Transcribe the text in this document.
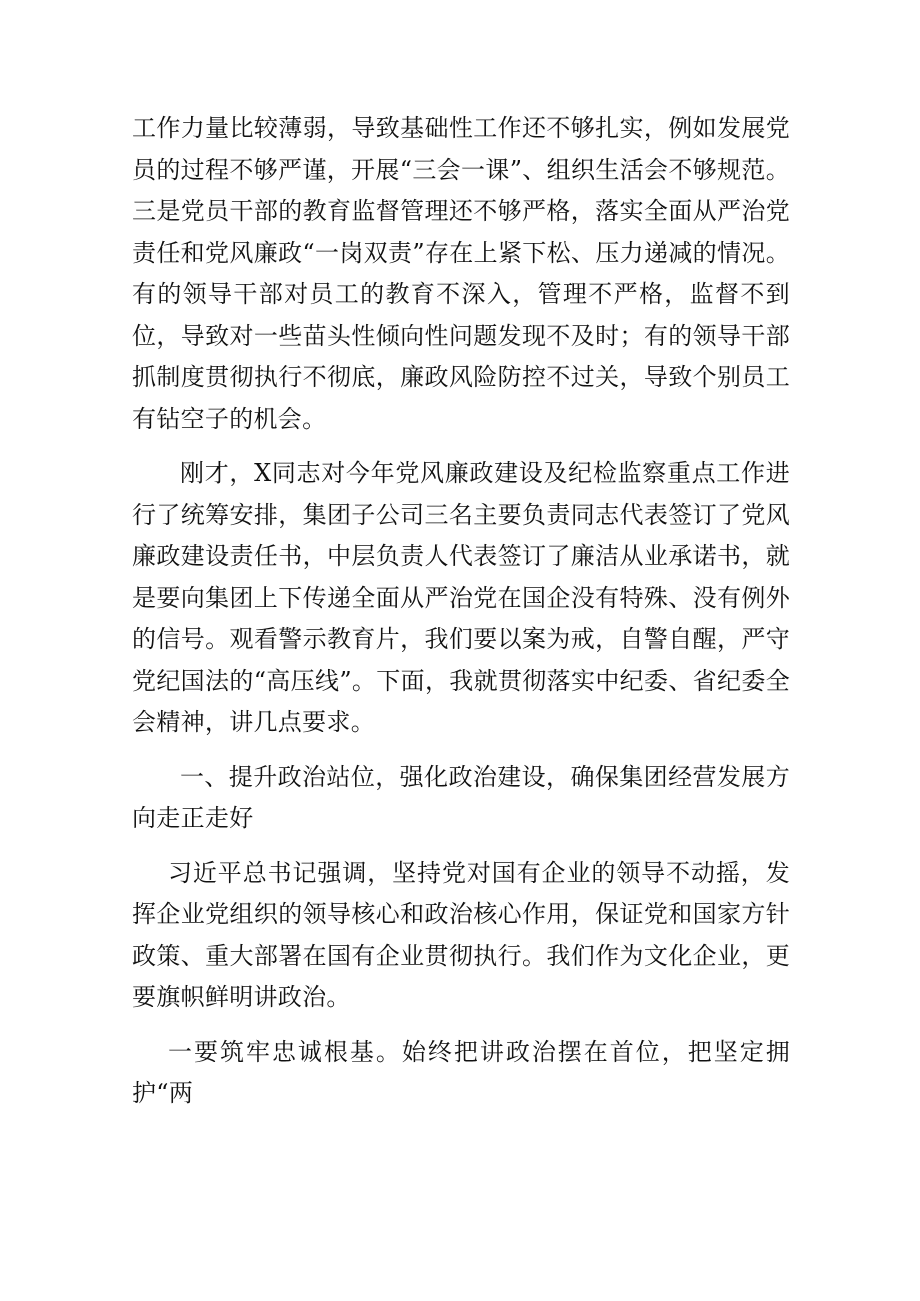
工作力量比较薄弱，导致基础性工作还不够扎实，例如发展党员的过程不够严谨，开展“三会一课”、组织生活会不够规范。三是党员干部的教育监督管理还不够严格，落实全面从严治党责任和党风廉政“一岗双责”存在上紧下松、压力递减的情况。有的领导干部对员工的教育不深入，管理不严格，监督不到位，导致对一些苗头性倾向性问题发现不及时；有的领导干部抓制度贯彻执行不彻底，廉政风险防控不过关，导致个别员工有钻空子的机会。

刚才，X同志对今年党风廉政建设及纪检监察重点工作进行了统筹安排，集团子公司三名主要负责同志代表签订了党风廉政建设责任书，中层负责人代表签订了廉洁从业承诺书，就是要向集团上下传递全面从严治党在国企没有特殊、没有例外的信号。观看警示教育片，我们要以案为戒，自警自醒，严守党纪国法的“高压线”。下面，我就贯彻落实中纪委、省纪委全会精神，讲几点要求。

一、提升政治站位，强化政治建设，确保集团经营发展方向走正走好

习近平总书记强调，坚持党对国有企业的领导不动摇，发挥企业党组织的领导核心和政治核心作用，保证党和国家方针政策、重大部署在国有企业贯彻执行。我们作为文化企业，更要旗帜鲜明讲政治。

一要筑牢忠诚根基。始终把讲政治摆在首位，把坚定拥护“两
